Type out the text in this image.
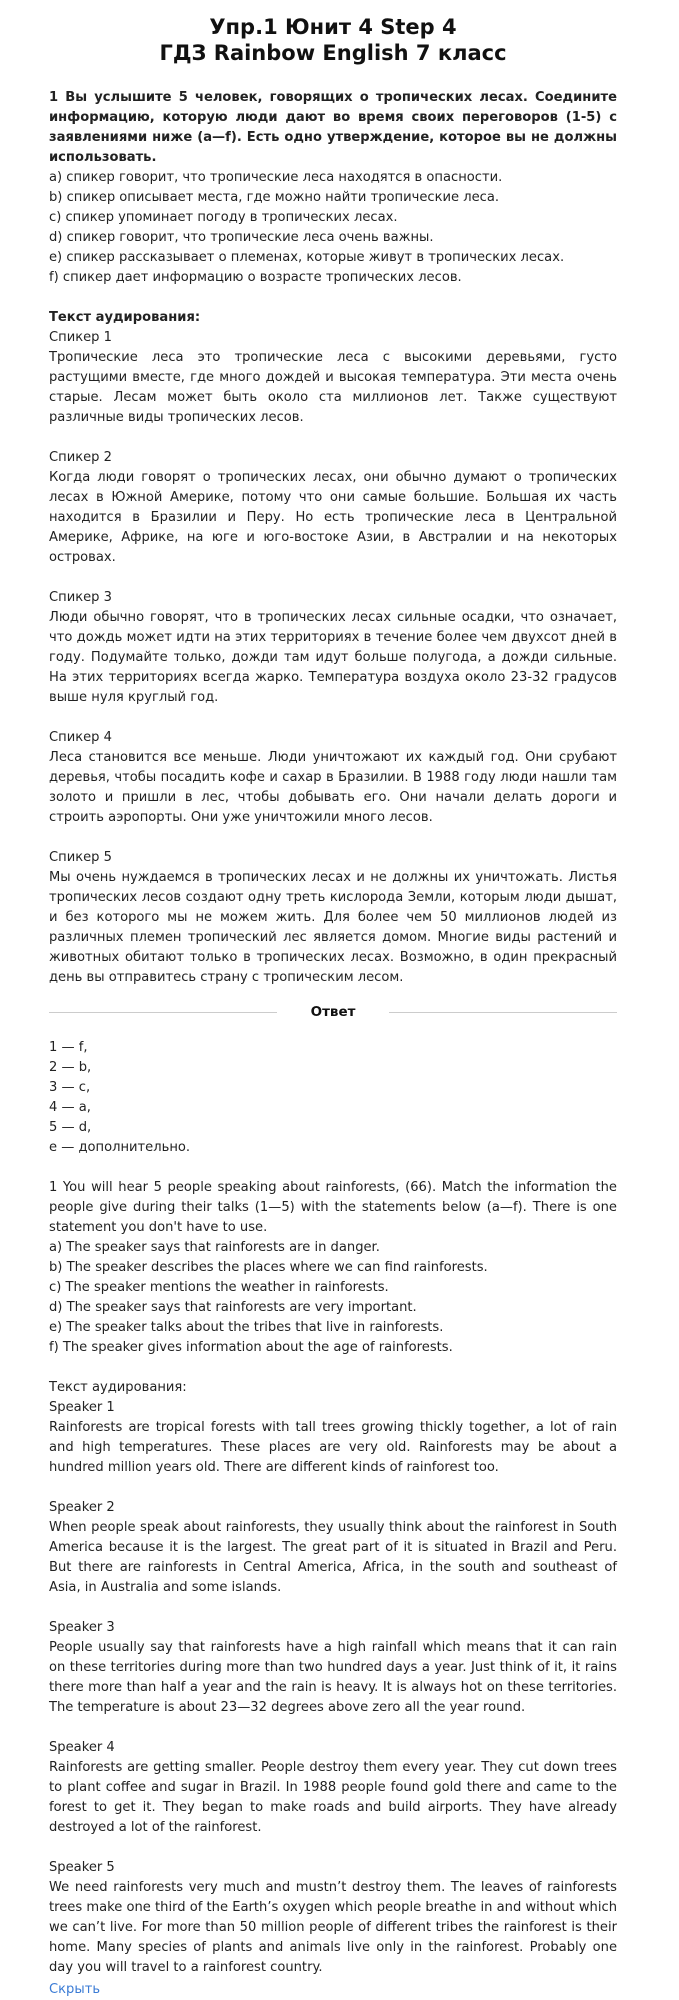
Упр.1 Юнит 4 Step 4
ГДЗ Rainbow English 7 класс

1 Вы услышите 5 человек, говорящих о тропических лесах. Соедините информацию, которую люди дают во время своих переговоров (1-5) с заявлениями ниже (a—f). Есть одно утверждение, которое вы не должны использовать.

a) спикер говорит, что тропические леса находятся в опасности.

b) спикер описывает места, где можно найти тропические леса.

c) спикер упоминает погоду в тропических лесах.

d) спикер говорит, что тропические леса очень важны.

e) спикер рассказывает о племенах, которые живут в тропических лесах.

f) спикер дает информацию о возрасте тропических лесов.

Текст аудирования:

Спикер 1

Тропические леса это тропические леса с высокими деревьями, густо растущими вместе, где много дождей и высокая температура. Эти места очень старые. Лесам может быть около ста миллионов лет. Также существуют различные виды тропических лесов.

Спикер 2

Когда люди говорят о тропических лесах, они обычно думают о тропических лесах в Южной Америке, потому что они самые большие. Большая их часть находится в Бразилии и Перу. Но есть тропические леса в Центральной Америке, Африке, на юге и юго-востоке Азии, в Австралии и на некоторых островах.

Спикер 3

Люди обычно говорят, что в тропических лесах сильные осадки, что означает, что дождь может идти на этих территориях в течение более чем двухсот дней в году. Подумайте только, дожди там идут больше полугода, а дожди сильные. На этих территориях всегда жарко. Температура воздуха около 23-32 градусов выше нуля круглый год.

Спикер 4

Леса становится все меньше. Люди уничтожают их каждый год. Они срубают деревья, чтобы посадить кофе и сахар в Бразилии. В 1988 году люди нашли там золото и пришли в лес, чтобы добывать его. Они начали делать дороги и строить аэропорты. Они уже уничтожили много лесов.

Спикер 5

Мы очень нуждаемся в тропических лесах и не должны их уничтожать. Листья тропических лесов создают одну треть кислорода Земли, которым люди дышат, и без которого мы не можем жить. Для более чем 50 миллионов людей из различных племен тропический лес является домом. Многие виды растений и животных обитают только в тропических лесах. Возможно, в один прекрасный день вы отправитесь страну с тропическим лесом.

Ответ

1 — f,

2 — b,

3 — c,

4 — a,

5 — d,

e — дополнительно.

1 You will hear 5 people speaking about rainforests, (66). Match the information the people give during their talks (1—5) with the statements below (a—f). There is one statement you don't have to use.

a) The speaker says that rainforests are in danger.

b) The speaker describes the places where we can find rainforests.

c) The speaker mentions the weather in rainforests.

d) The speaker says that rainforests are very important.

e) The speaker talks about the tribes that live in rainforests.

f) The speaker gives information about the age of rainforests.

Текст аудирования:

Speaker 1

Rainforests are tropical forests with tall trees growing thickly together, a lot of rain and high temperatures. These places are very old. Rainforests may be about a hundred million years old. There are different kinds of rainforest too.

Speaker 2

When people speak about rainforests, they usually think about the rainforest in South America because it is the largest. The great part of it is situated in Brazil and Peru. But there are rainforests in Central America, Africa, in the south and southeast of Asia, in Australia and some islands.

Speaker 3

People usually say that rainforests have a high rainfall which means that it can rain on these territories during more than two hundred days a year. Just think of it, it rains there more than half a year and the rain is heavy. It is always hot on these territories. The temperature is about 23—32 degrees above zero all the year round.

Speaker 4

Rainforests are getting smaller. People destroy them every year. They cut down trees to plant coffee and sugar in Brazil. In 1988 people found gold there and came to the forest to get it. They began to make roads and build airports. They have already destroyed a lot of the rainforest.

Speaker 5

We need rainforests very much and mustn’t destroy them. The leaves of rainforests trees make one third of the Earth’s oxygen which people breathe in and without which we can’t live. For more than 50 million people of different tribes the rainforest is their home. Many species of plants and animals live only in the rainforest. Probably one day you will travel to a rainforest country.

Скрыть
